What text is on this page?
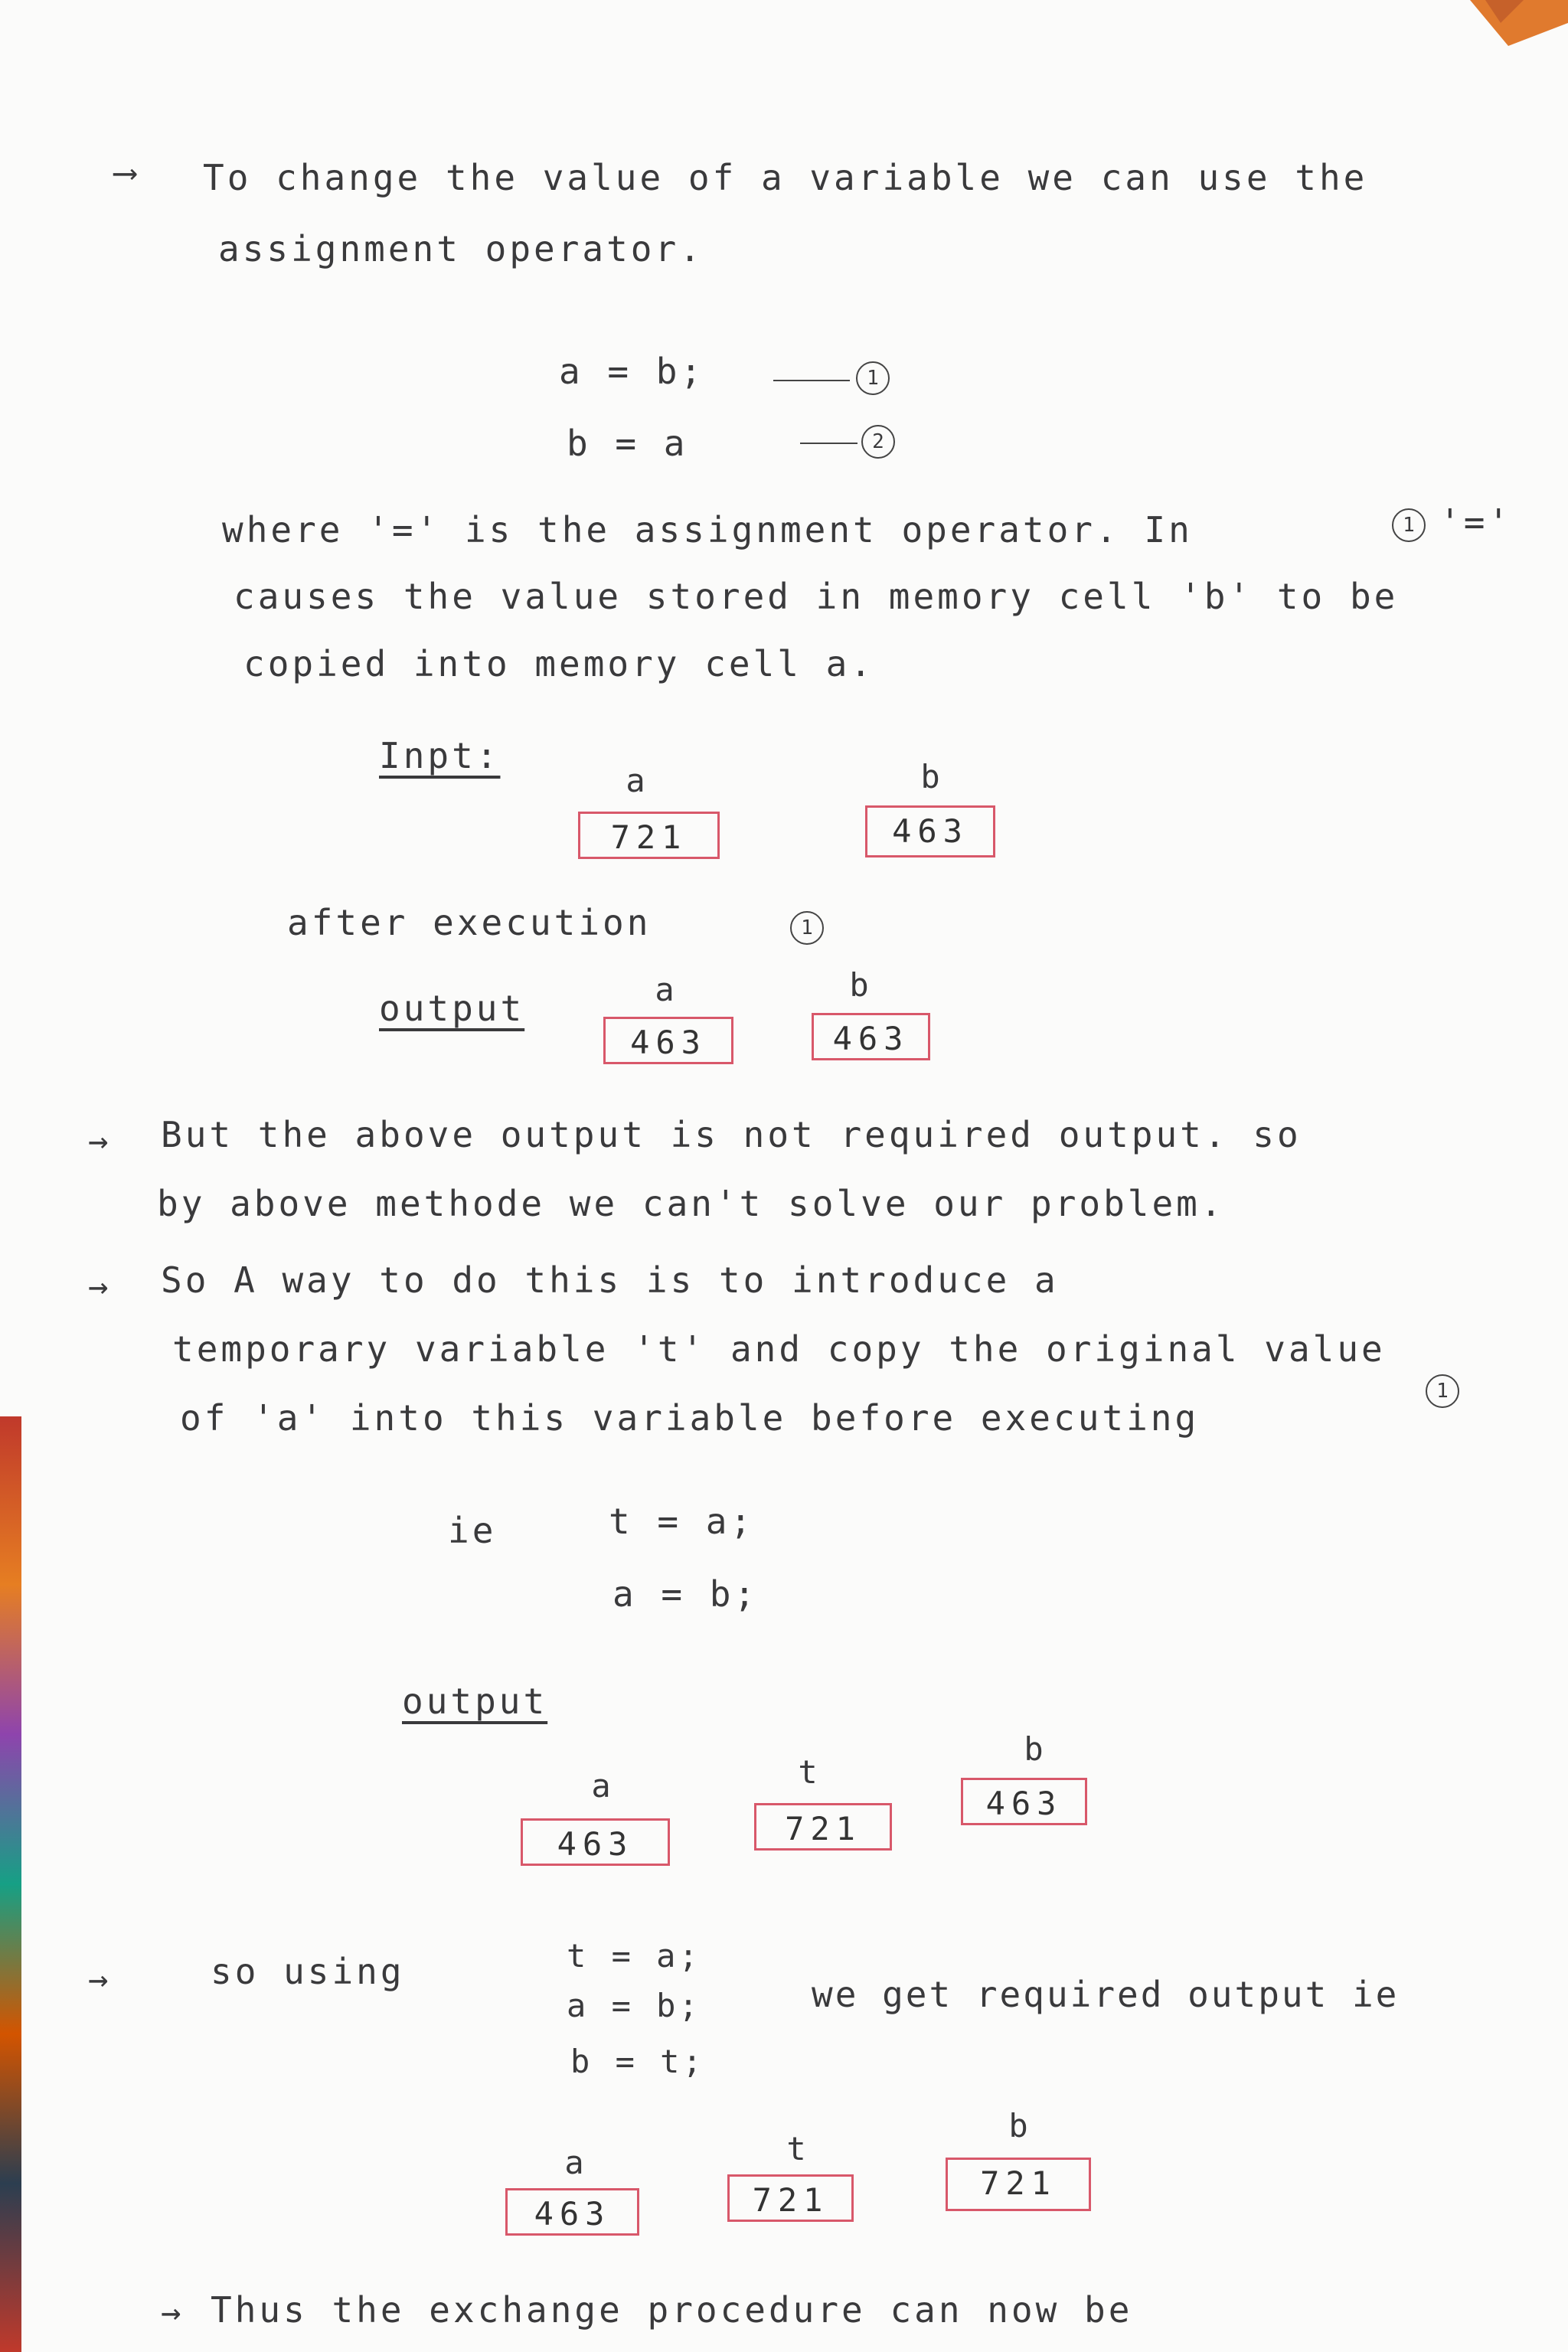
⟶ To change the value of a variable we can use the
assignment operator.
a = b;	1
b = a	2
where '=' is the assignment operator. In	1 '='
causes the value stored in memory cell 'b' to be
copied into memory cell a.
Inpt:
a
721
b
463
after execution	1
output	a
463
b
463
→ But the above output is not required output. so
by above methode we can't solve our problem.
→ So A way to do this is to introduce a
temporary variable 't' and copy the original value
of 'a' into this variable before executing
1
ie	t = a;
a = b;
output
a
463
t
721
b
463
→	so using	t = a;
a = b;
b = t;
we get required output ie
a
463
t
721
b
721
→ Thus the exchange procedure can now be
